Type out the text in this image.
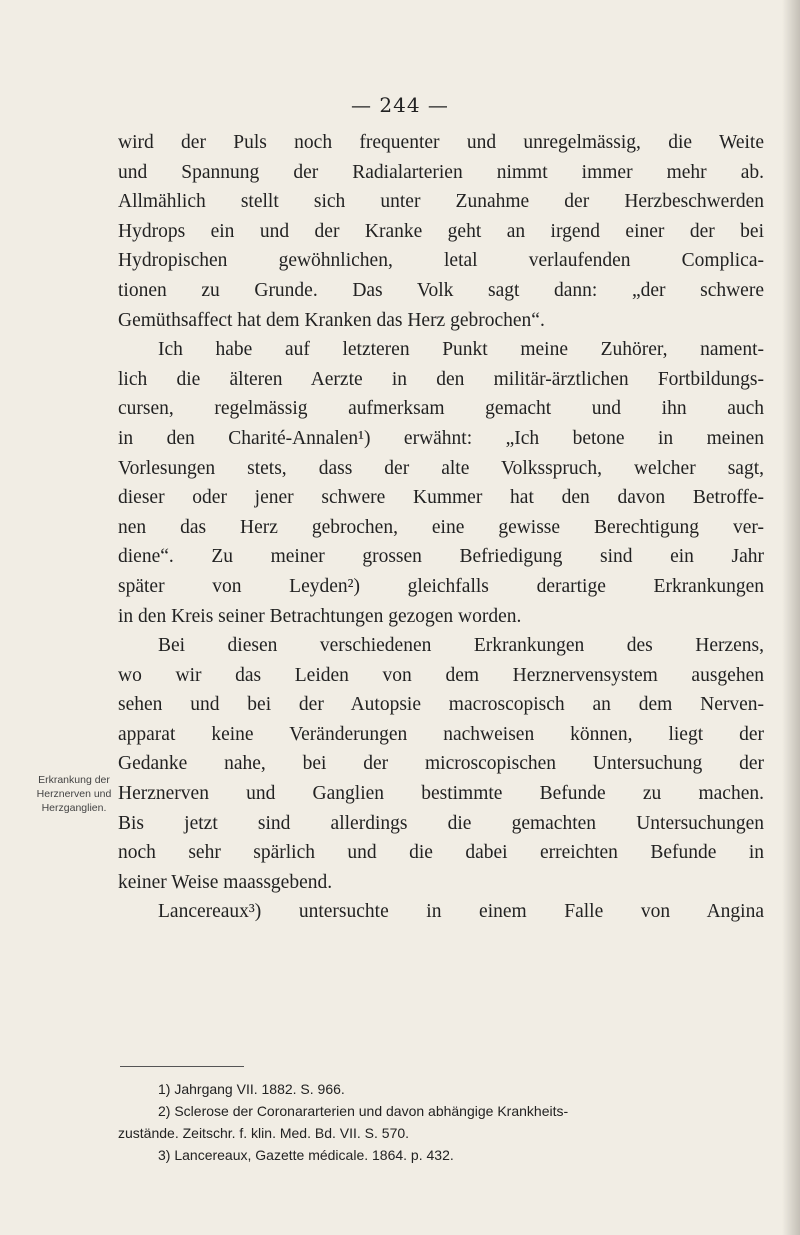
— 244 —
wird der Puls noch frequenter und unregelmässig, die Weite
und Spannung der Radialarterien nimmt immer mehr ab.
Allmählich stellt sich unter Zunahme der Herzbeschwerden
Hydrops ein und der Kranke geht an irgend einer der bei
Hydropischen gewöhnlichen, letal verlaufenden Complica-
tionen zu Grunde. Das Volk sagt dann: „der schwere
Gemüthsaffect hat dem Kranken das Herz gebrochen“.
Ich habe auf letzteren Punkt meine Zuhörer, nament-
lich die älteren Aerzte in den militär-ärztlichen Fortbildungs-
cursen, regelmässig aufmerksam gemacht und ihn auch
in den Charité-Annalen¹) erwähnt: „Ich betone in meinen
Vorlesungen stets, dass der alte Volksspruch, welcher sagt,
dieser oder jener schwere Kummer hat den davon Betroffe-
nen das Herz gebrochen, eine gewisse Berechtigung ver-
diene“. Zu meiner grossen Befriedigung sind ein Jahr
später von Leyden²) gleichfalls derartige Erkrankungen
in den Kreis seiner Betrachtungen gezogen worden.
Bei diesen verschiedenen Erkrankungen des Herzens,
wo wir das Leiden von dem Herznervensystem ausgehen
sehen und bei der Autopsie macroscopisch an dem Nerven-
apparat keine Veränderungen nachweisen können, liegt der
Gedanke nahe, bei der microscopischen Untersuchung der
Herznerven und Ganglien bestimmte Befunde zu machen.
Bis jetzt sind allerdings die gemachten Untersuchungen
noch sehr spärlich und die dabei erreichten Befunde in
keiner Weise maassgebend.
Lancereaux³) untersuchte in einem Falle von Angina
Erkrankung der
Herznerven und
Herzganglien.
1) Jahrgang VII. 1882. S. 966.
2) Sclerose der Coronararterien und davon abhängige Krankheits-
zustände. Zeitschr. f. klin. Med. Bd. VII. S. 570.
3) Lancereaux, Gazette médicale. 1864. p. 432.
